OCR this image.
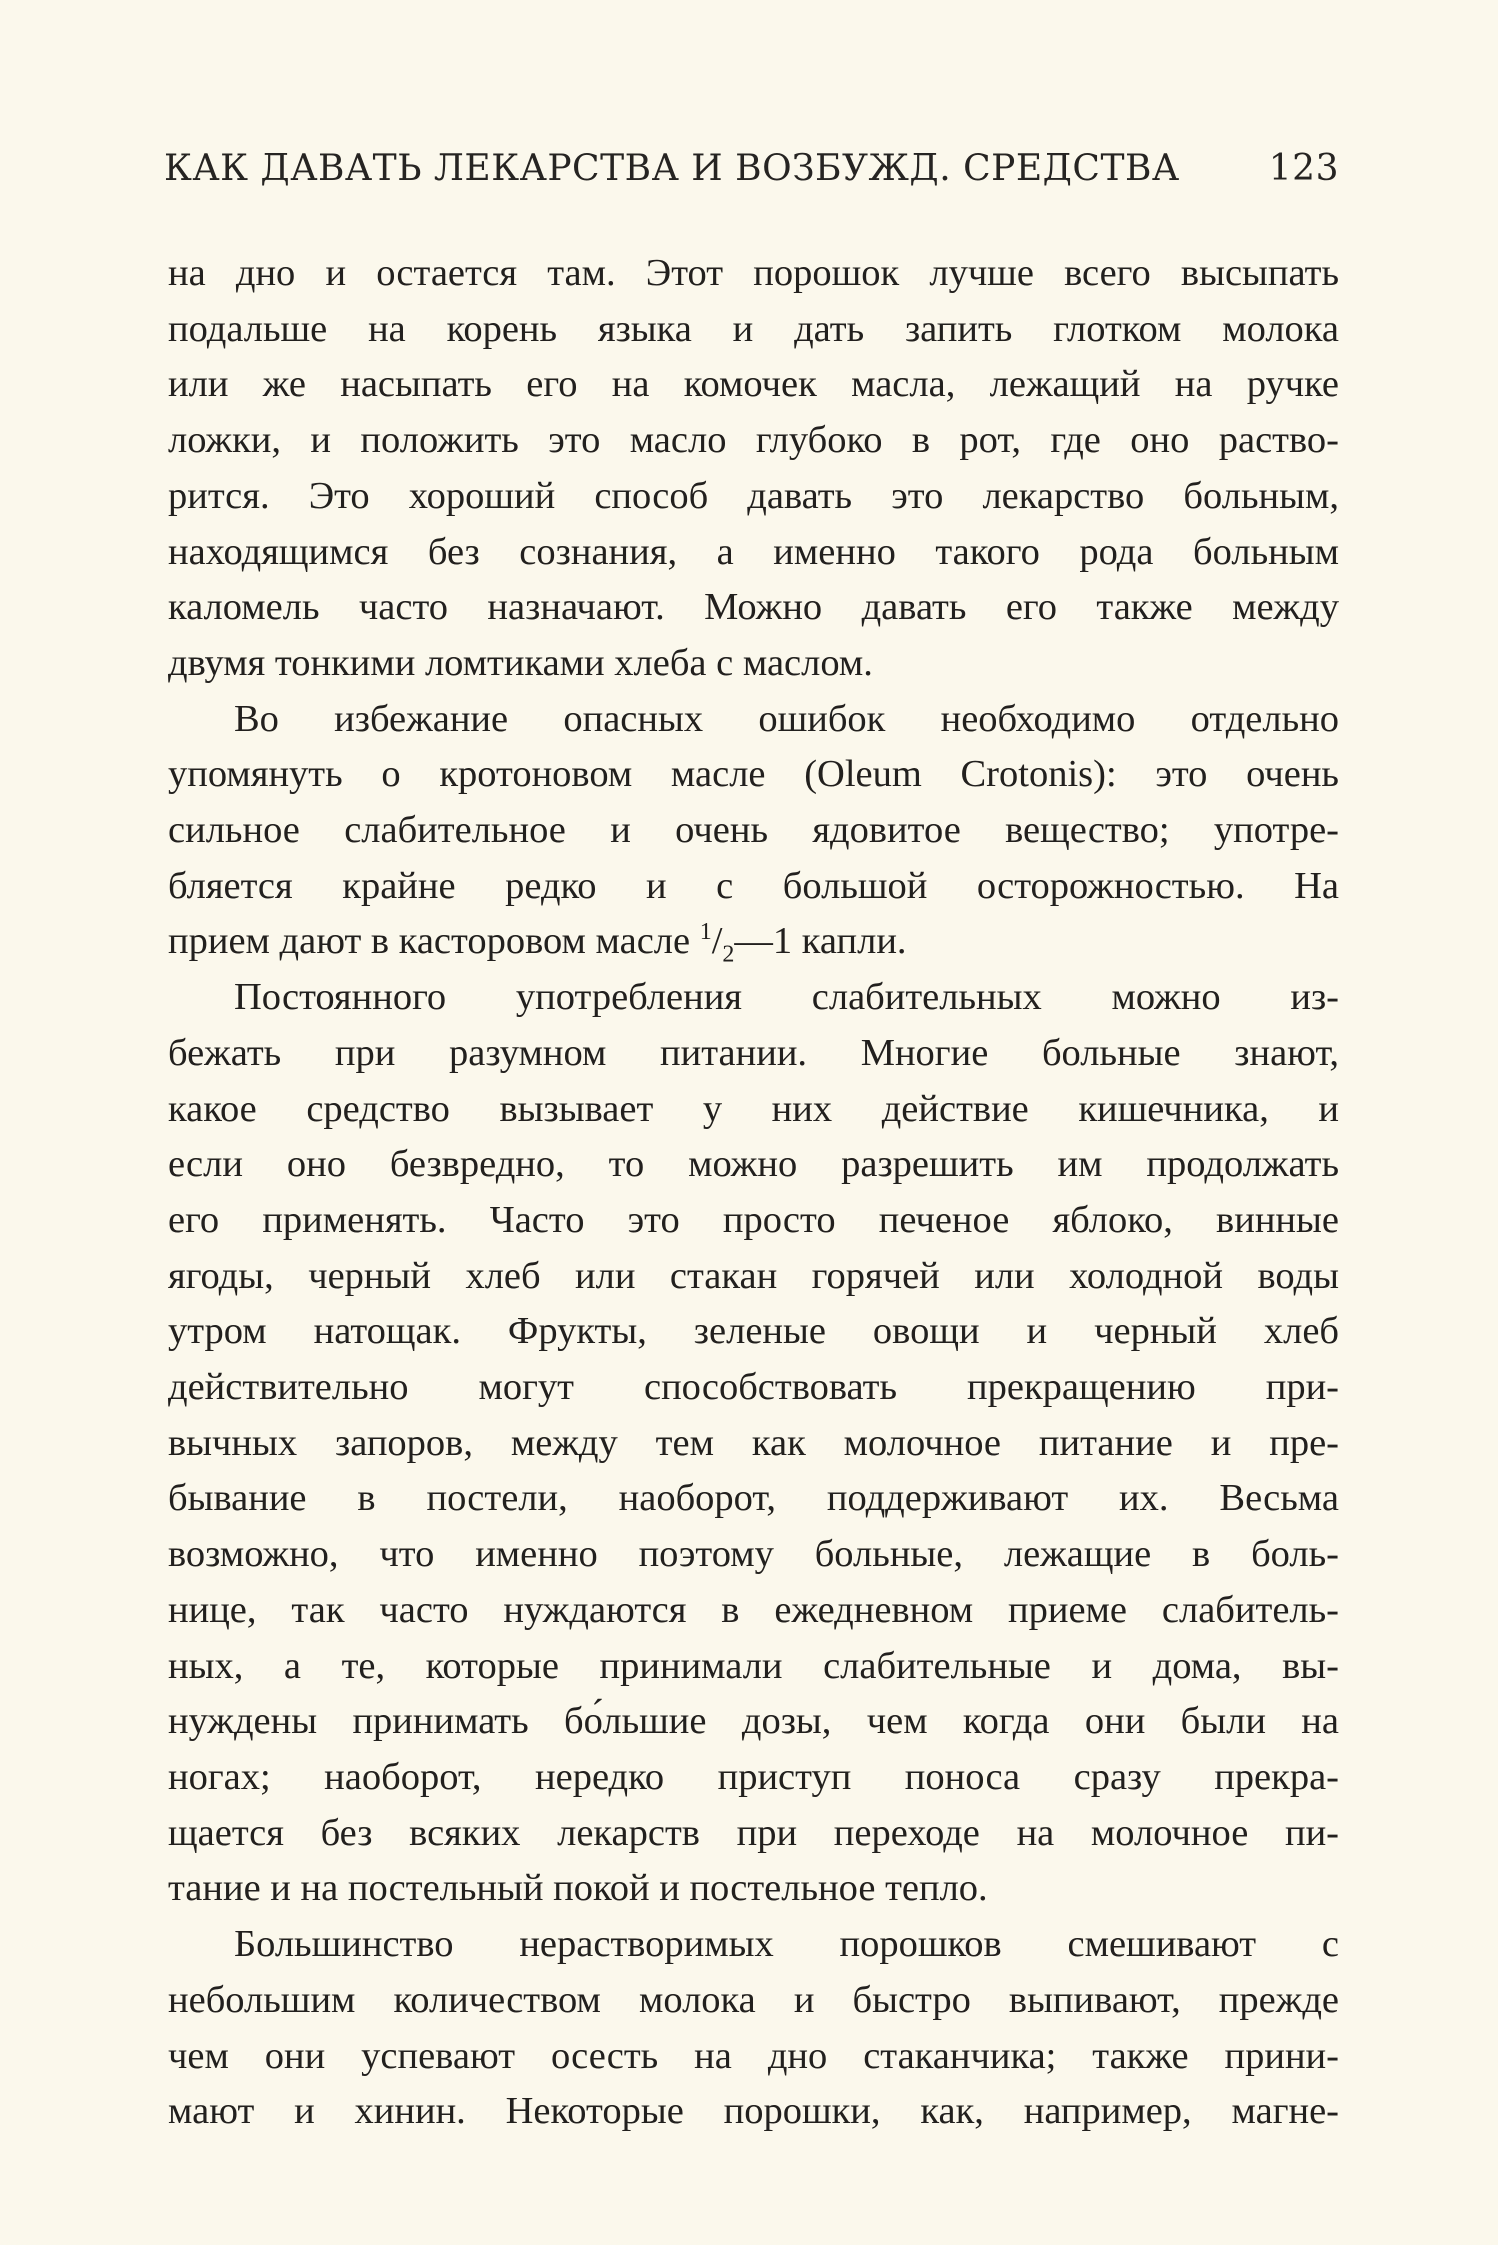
КАК ДАВАТЬ ЛЕКАРСТВА И ВОЗБУЖД. СРЕДСТВА 123
на дно и остается там. Этот порошок лучше всего высыпать
подальше на корень языка и дать запить глотком молока
или же насыпать его на комочек масла, лежащий на ручке
ложки, и положить это масло глубоко в рот, где оно раство-
рится. Это хороший способ давать это лекарство больным,
находящимся без сознания, а именно такого рода больным
каломель часто назначают. Можно давать его также между
двумя тонкими ломтиками хлеба с маслом.
Во избежание опасных ошибок необходимо отдельно
упомянуть о кротоновом масле (Oleum Crotonis): это очень
сильное слабительное и очень ядовитое вещество; употре-
бляется крайне редко и с большой осторожностью. На
прием дают в касторовом масле $^1/_2—1$ капли.
Постоянного употребления слабительных можно из-
бежать при разумном питании. Многие больные знают,
какое средство вызывает у них действие кишечника, и
если оно безвредно, то можно разрешить им продолжать
его применять. Часто это просто печеное яблоко, винные
ягоды, черный хлеб или стакан горячей или холодной воды
утром натощак. Фрукты, зеленые овощи и черный хлеб
действительно могут способствовать прекращению при-
вычных запоров, между тем как молочное питание и пре-
бывание в постели, наоборот, поддерживают их. Весьма
возможно, что именно поэтому больные, лежащие в боль-
нице, так часто нуждаются в ежедневном приеме слабитель-
ных, а те, которые принимали слабительные и дома, вы-
нуждены принимать бо́льшие дозы, чем когда они были на
ногах; наоборот, нередко приступ поноса сразу прекра-
щается без всяких лекарств при переходе на молочное пи-
тание и на постельный покой и постельное тепло.
Большинство нерастворимых порошков смешивают с
небольшим количеством молока и быстро выпивают, прежде
чем они успевают осесть на дно стаканчика; также прини-
мают и хинин. Некоторые порошки, как, например, магне-
